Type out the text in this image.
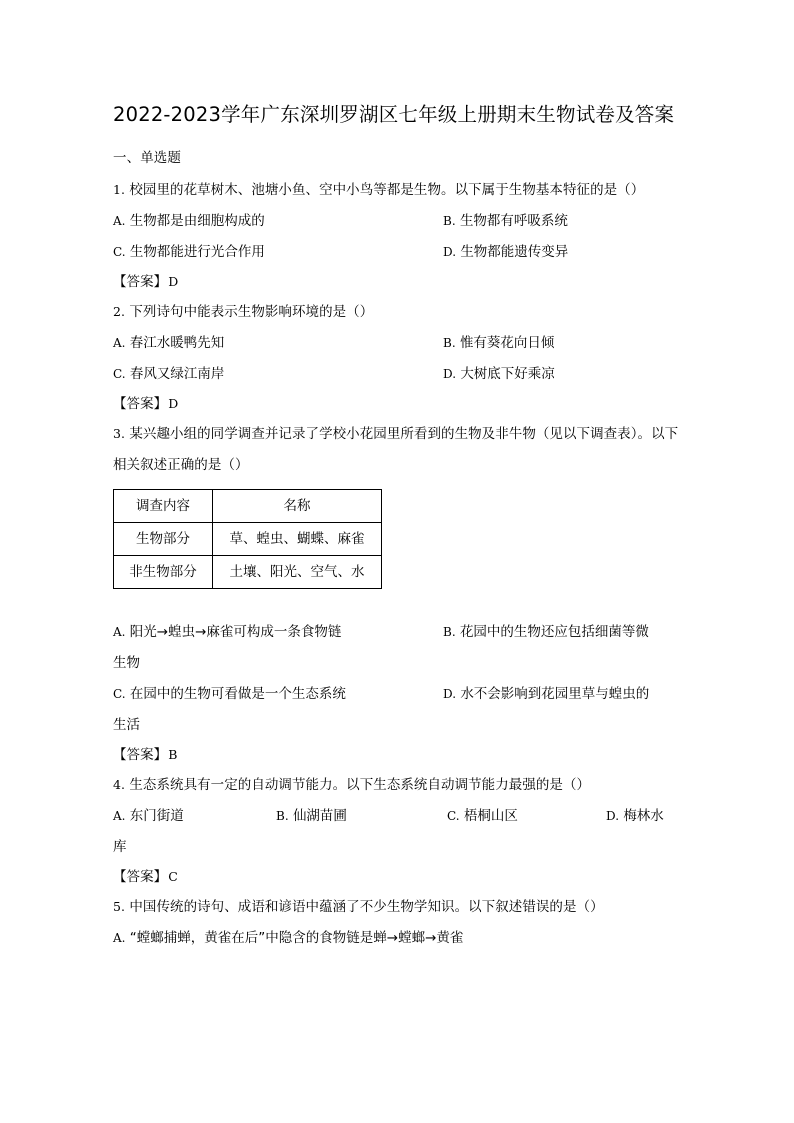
2022-2023学年广东深圳罗湖区七年级上册期末生物试卷及答案
一、单选题
1. 校园里的花草树木、池塘小鱼、空中小鸟等都是生物。以下属于生物基本特征的是（）
A. 生物都是由细胞构成的	B. 生物都有呼吸系统
C. 生物都能进行光合作用	D. 生物都能遗传变异
【答案】D
2. 下列诗句中能表示生物影响环境的是（）
A. 春江水暖鸭先知	B. 惟有葵花向日倾
C. 春风又绿江南岸	D. 大树底下好乘凉
【答案】D
3. 某兴趣小组的同学调查并记录了学校小花园里所看到的生物及非牛物（见以下调查表）。以下相关叙述正确的是（）
调查内容	名称
生物部分	草、蝗虫、蝴蝶、麻雀
非生物部分	土壤、阳光、空气、水
A. 阳光→蝗虫→麻雀可构成一条食物链	B. 花园中的生物还应包括细菌等微
生物
C. 在园中的生物可看做是一个生态系统	D. 水不会影响到花园里草与蝗虫的
生活
【答案】B
4. 生态系统具有一定的自动调节能力。以下生态系统自动调节能力最强的是（）
A. 东门街道	B. 仙湖苗圃	C. 梧桐山区	D. 梅林水
库
【答案】C
5. 中国传统的诗句、成语和谚语中蕴涵了不少生物学知识。以下叙述错误的是（）
A. “螳螂捕蝉，黄雀在后”中隐含的食物链是蝉→螳螂→黄雀
